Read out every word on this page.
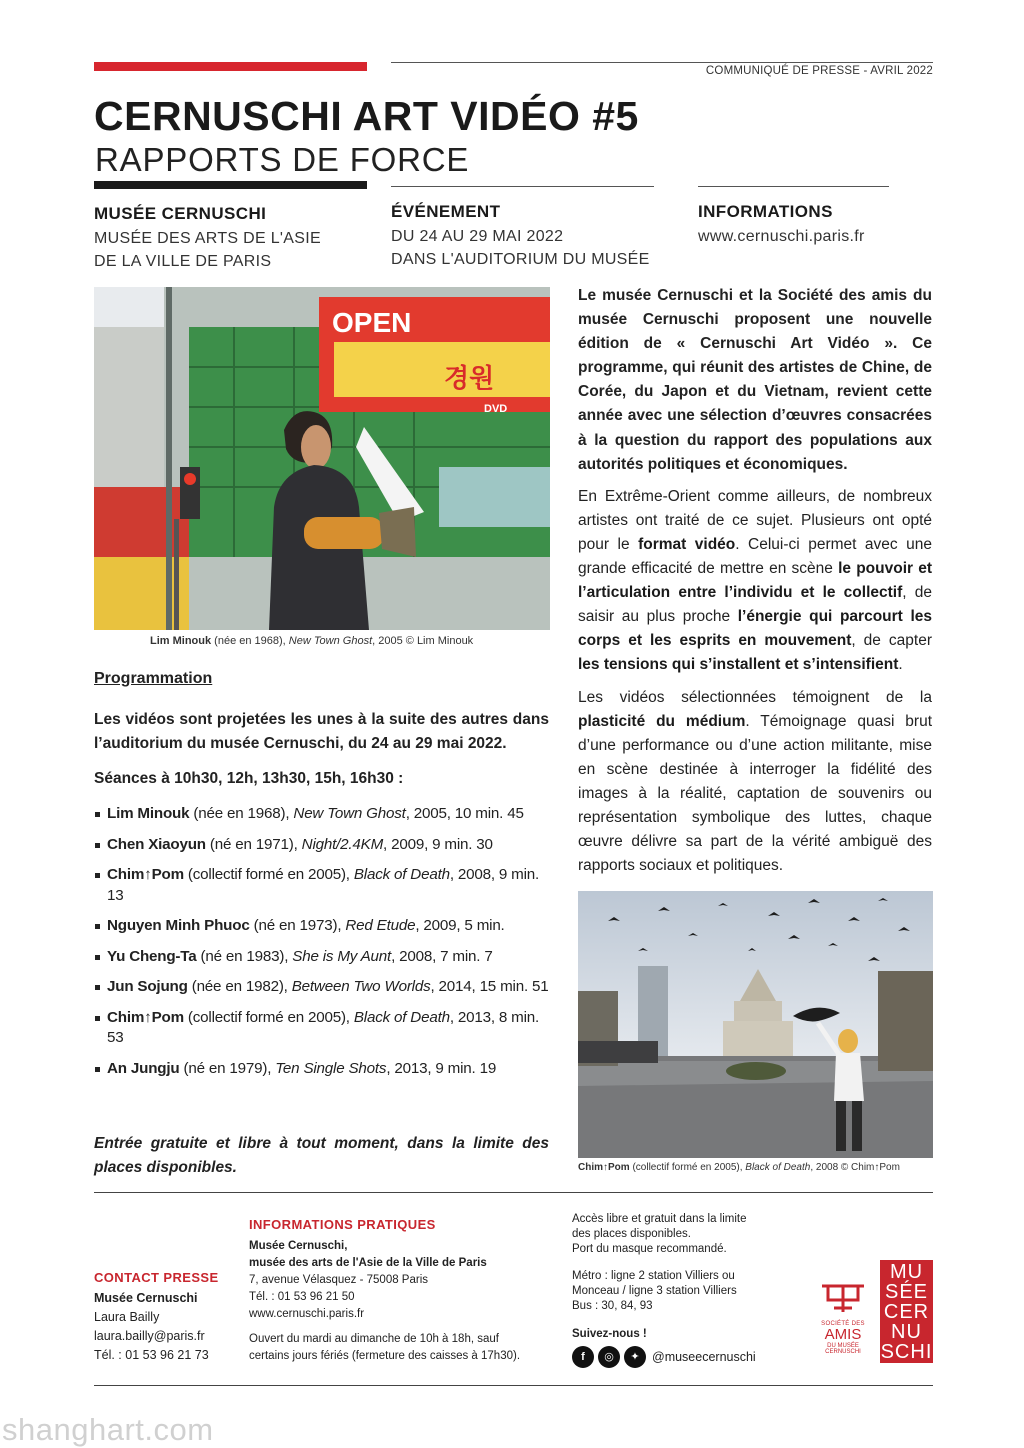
COMMUNIQUÉ DE PRESSE - AVRIL 2022
CERNUSCHI ART VIDÉO #5
RAPPORTS DE FORCE
MUSÉE CERNUSCHI
MUSÉE DES ARTS DE L'ASIE
DE LA VILLE DE PARIS
ÉVÉNEMENT
DU 24 AU 29 MAI 2022
DANS L'AUDITORIUM DU MUSÉE
INFORMATIONS
www.cernuschi.paris.fr
OPEN
경원
DVD
Lim Minouk (née en 1968), New Town Ghost, 2005 © Lim Minouk

Le musée Cernuschi et la Société des amis du musée Cernuschi proposent une nouvelle édition de « Cernuschi Art Vidéo ». Ce programme, qui réunit des artistes de Chine, de Corée, du Japon et du Vietnam, revient cette année avec une sélection d’œuvres consacrées à la question du rapport des populations aux autorités politiques et économiques.

En Extrême-Orient comme ailleurs, de nombreux artistes ont traité de ce sujet. Plusieurs ont opté pour le format vidéo. Celui-ci permet avec une grande efficacité de mettre en scène le pouvoir et l’articulation entre l’individu et le collectif, de saisir au plus proche l’énergie qui parcourt les corps et les esprits en mouvement, de capter les tensions qui s’installent et s’intensifient.

Les vidéos sélectionnées témoignent de la plasticité du médium. Témoignage quasi brut d’une performance ou d’une action militante, mise en scène destinée à interroger la fidélité des images à la réalité, captation de souvenirs ou représentation symbolique des luttes, chaque œuvre délivre sa part de la vérité ambiguë des rapports sociaux et politiques.

Programmation
Les vidéos sont projetées les unes à la suite des autres dans l’auditorium du musée Cernuschi, du 24 au 29 mai 2022.
Séances à 10h30, 12h, 13h30, 15h, 16h30 :
Lim Minouk (née en 1968), New Town Ghost, 2005, 10 min. 45
Chen Xiaoyun (né en 1971), Night/2.4KM, 2009, 9 min. 30
Chim↑Pom (collectif formé en 2005), Black of Death, 2008, 9 min. 13
Nguyen Minh Phuoc (né en 1973), Red Etude, 2009, 5 min.
Yu Cheng-Ta (né en 1983), She is My Aunt, 2008, 7 min. 7
Jun Sojung (née en 1982), Between Two Worlds, 2014, 15 min. 51
Chim↑Pom (collectif formé en 2005), Black of Death, 2013, 8 min. 53
An Jungju (né en 1979), Ten Single Shots, 2013, 9 min. 19
Entrée gratuite et libre à tout moment, dans la limite des places disponibles.	Chim↑Pom (collectif formé en 2005), Black of Death, 2008 © Chim↑Pom
CONTACT PRESSE
Musée Cernuschi
Laura Bailly
laura.bailly@paris.fr
Tél. : 01 53 96 21 73
INFORMATIONS PRATIQUES
Musée Cernuschi,
musée des arts de l'Asie de la Ville de Paris
7, avenue Vélasquez - 75008 Paris
Tél. : 01 53 96 21 50
www.cernuschi.paris.fr
Ouvert du mardi au dimanche de 10h à 18h, sauf
certains jours fériés (fermeture des caisses à 17h30).
Accès libre et gratuit dans la limite
des places disponibles.
Port du masque recommandé.
Métro : ligne 2 station Villiers ou
Monceau / ligne 3 station Villiers
Bus : 30, 84, 93
Suivez-nous !
f	◎	✦ @museecernuschi
SOCIÉTÉ DES
AMIS
DU MUSÉE
CERNUSCHI
MU
SÉE
CER
NU
SCHI
shanghart.com
